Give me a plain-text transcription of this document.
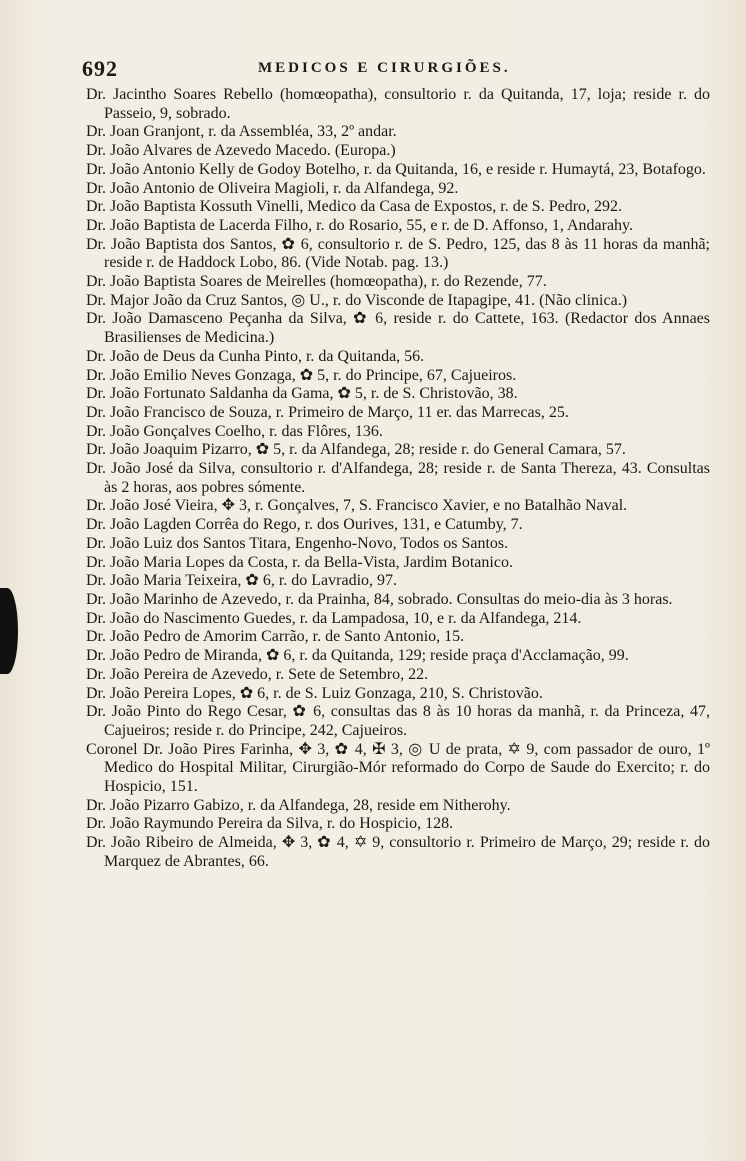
692	MEDICOS E CIRURGIÕES.

Dr. Jacintho Soares Rebello (homœopatha), consultorio r. da Quitanda, 17, loja; reside r. do Passeio, 9, sobrado.

Dr. Joan Granjont, r. da Assembléa, 33, 2º andar.

Dr. João Alvares de Azevedo Macedo. (Europa.)

Dr. João Antonio Kelly de Godoy Botelho, r. da Quitanda, 16, e reside r. Humaytá, 23, Botafogo.

Dr. João Antonio de Oliveira Magioli, r. da Alfandega, 92.

Dr. João Baptista Kossuth Vinelli, Medico da Casa de Expostos, r. de S. Pedro, 292.

Dr. João Baptista de Lacerda Filho, r. do Rosario, 55, e r. de D. Affonso, 1, Andarahy.

Dr. João Baptista dos Santos, ✿ 6, consultorio r. de S. Pedro, 125, das 8 às 11 horas da manhã; reside r. de Haddock Lobo, 86. (Vide Notab. pag. 13.)

Dr. João Baptista Soares de Meirelles (homœopatha), r. do Rezende, 77.

Dr. Major João da Cruz Santos, ◎ U., r. do Visconde de Itapagipe, 41. (Não clinica.)

Dr. João Damasceno Peçanha da Silva, ✿ 6, reside r. do Cattete, 163. (Redactor dos Annaes Brasilienses de Medicina.)

Dr. João de Deus da Cunha Pinto, r. da Quitanda, 56.

Dr. João Emilio Neves Gonzaga, ✿ 5, r. do Principe, 67, Cajueiros.

Dr. João Fortunato Saldanha da Gama, ✿ 5, r. de S. Christovão, 38.

Dr. João Francisco de Souza, r. Primeiro de Março, 11 er. das Marrecas, 25.

Dr. João Gonçalves Coelho, r. das Flôres, 136.

Dr. João Joaquim Pizarro, ✿ 5, r. da Alfandega, 28; reside r. do General Camara, 57.

Dr. João José da Silva, consultorio r. d'Alfandega, 28; reside r. de Santa Thereza, 43. Consultas às 2 horas, aos pobres sómente.

Dr. João José Vieira, ✥ 3, r. Gonçalves, 7, S. Francisco Xavier, e no Batalhão Naval.

Dr. João Lagden Corrêa do Rego, r. dos Ourives, 131, e Catumby, 7.

Dr. João Luiz dos Santos Titara, Engenho-Novo, Todos os Santos.

Dr. João Maria Lopes da Costa, r. da Bella-Vista, Jardim Botanico.

Dr. João Maria Teixeira, ✿ 6, r. do Lavradio, 97.

Dr. João Marinho de Azevedo, r. da Prainha, 84, sobrado. Consultas do meio-dia às 3 horas.

Dr. João do Nascimento Guedes, r. da Lampadosa, 10, e r. da Alfandega, 214.

Dr. João Pedro de Amorim Carrão, r. de Santo Antonio, 15.

Dr. João Pedro de Miranda, ✿ 6, r. da Quitanda, 129; reside praça d'Acclamação, 99.

Dr. João Pereira de Azevedo, r. Sete de Setembro, 22.

Dr. João Pereira Lopes, ✿ 6, r. de S. Luiz Gonzaga, 210, S. Christovão.

Dr. João Pinto do Rego Cesar, ✿ 6, consultas das 8 às 10 horas da manhã, r. da Princeza, 47, Cajueiros; reside r. do Principe, 242, Cajueiros.

Coronel Dr. João Pires Farinha, ✥ 3, ✿ 4, ✠ 3, ◎ U de prata, ✡ 9, com passador de ouro, 1º Medico do Hospital Militar, Cirurgião-Mór reformado do Corpo de Saude do Exercito; r. do Hospicio, 151.

Dr. João Pizarro Gabizo, r. da Alfandega, 28, reside em Nitherohy.

Dr. João Raymundo Pereira da Silva, r. do Hospicio, 128.

Dr. João Ribeiro de Almeida, ✥ 3, ✿ 4, ✡ 9, consultorio r. Primeiro de Março, 29; reside r. do Marquez de Abrantes, 66.
